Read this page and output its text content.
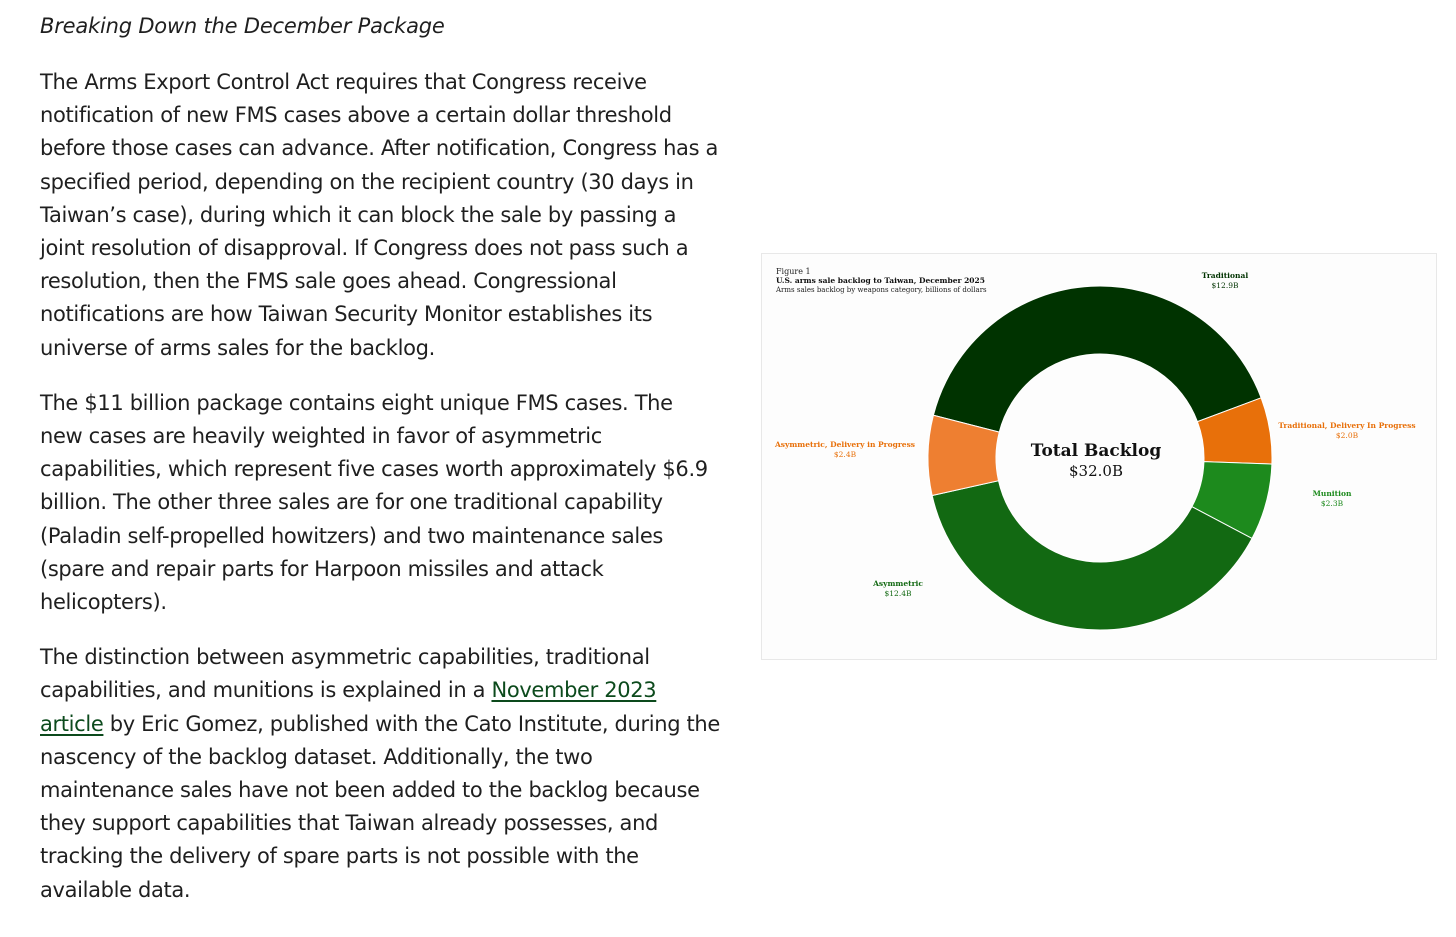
Breaking Down the December Package

The Arms Export Control Act requires that Congress receive notification of new FMS cases above a certain dollar threshold before those cases can advance. After notification, Congress has a specified period, depending on the recipient country (30 days in Taiwan’s case), during which it can block the sale by passing a joint resolution of disapproval. If Congress does not pass such a resolution, then the FMS sale goes ahead. Congressional notifications are how Taiwan Security Monitor establishes its universe of arms sales for the backlog.

The $11 billion package contains eight unique FMS cases. The new cases are heavily weighted in favor of asymmetric capabilities, which represent five cases worth approximately $6.9 billion. The other three sales are for one traditional capability (Paladin self-propelled howitzers) and two maintenance sales (spare and repair parts for Harpoon missiles and attack helicopters).

The distinction between asymmetric capabilities, traditional capabilities, and munitions is explained in a November 2023 article by Eric Gomez, published with the Cato Institute, during the nascency of the backlog dataset. Additionally, the two maintenance sales have not been added to the backlog because they support capabilities that Taiwan already possesses, and tracking the delivery of spare parts is not possible with the available data.

Figure 1
U.S. arms sale backlog to Taiwan, December 2025
Arms sales backlog by weapons category, billions of dollars
Traditional
$12.9B
Traditional, Delivery In Progress
$2.0B
Munition
$2.3B
Asymmetric
$12.4B
Asymmetric, Delivery in Progress
$2.4B	Total Backlog
$32.0B
